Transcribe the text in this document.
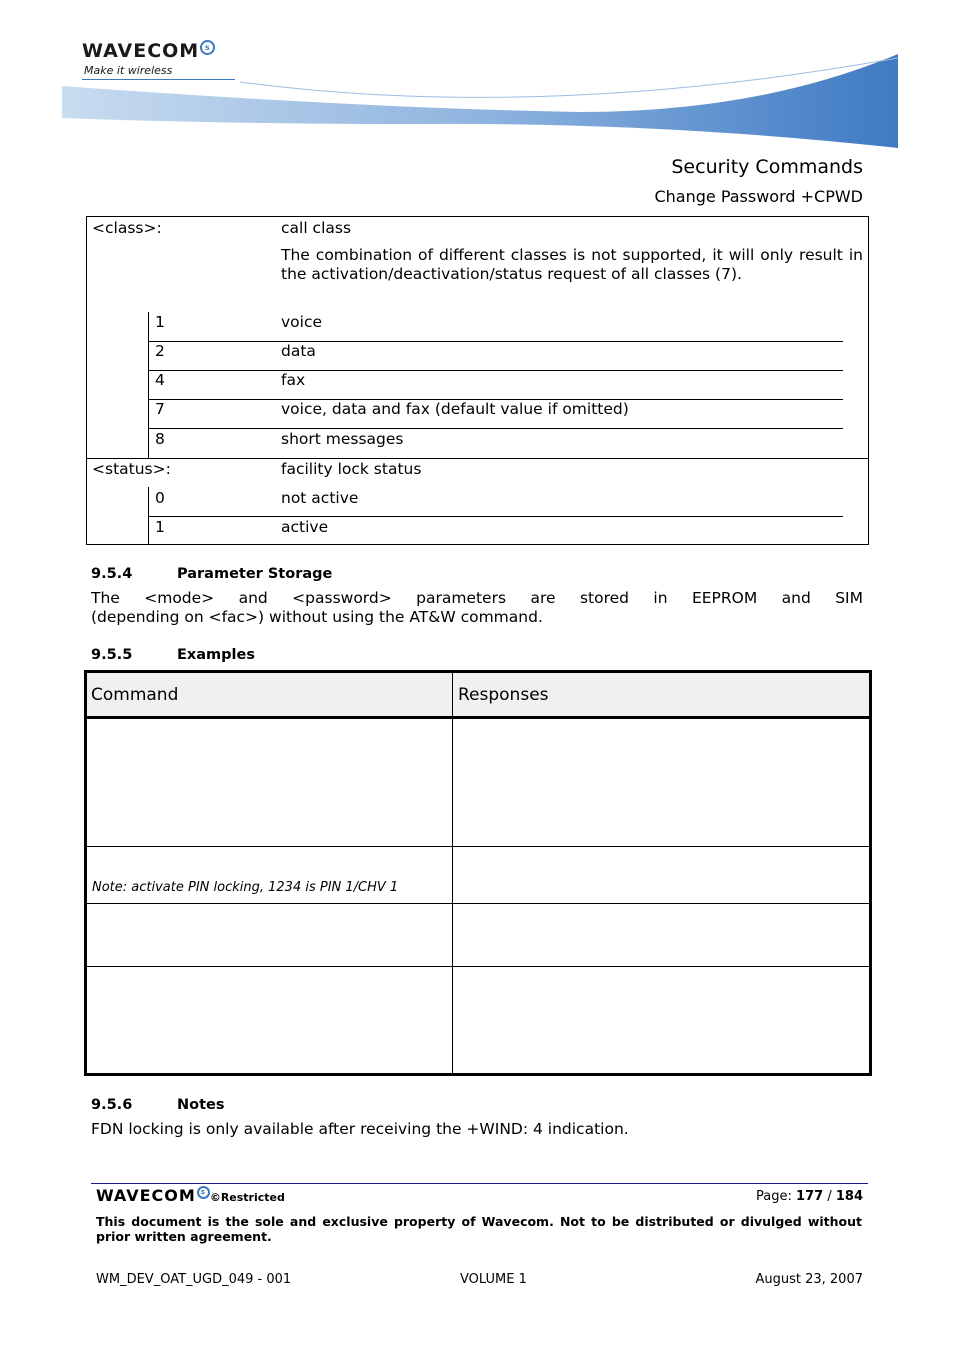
WAVECOM s
Make it wireless
Security Commands
Change Password +CPWD
<class>:	call class
The combination of different classes is not supported, it will only result in the activation/deactivation/status request of all classes (7).
1	voice
2	data
4	fax
7	voice, data and fax (default value if omitted)
8	short messages
<status>:	facility lock status
0	not active
1	active
9.5.4	Parameter Storage
The <mode> and <password> parameters are stored in EEPROM and SIM
(depending on <fac>) without using the AT&W command.
9.5.5	Examples
Command	Responses
Note: activate PIN locking, 1234 is PIN 1/CHV 1
9.5.6	Notes
FDN locking is only available after receiving the +WIND: 4 indication.
WAVECOM s ©Restricted	Page: 177 / 184
This document is the sole and exclusive property of Wavecom. Not to be distributed or divulged without
prior written agreement.
WM_DEV_OAT_UGD_049 - 001	VOLUME 1	August 23, 2007
